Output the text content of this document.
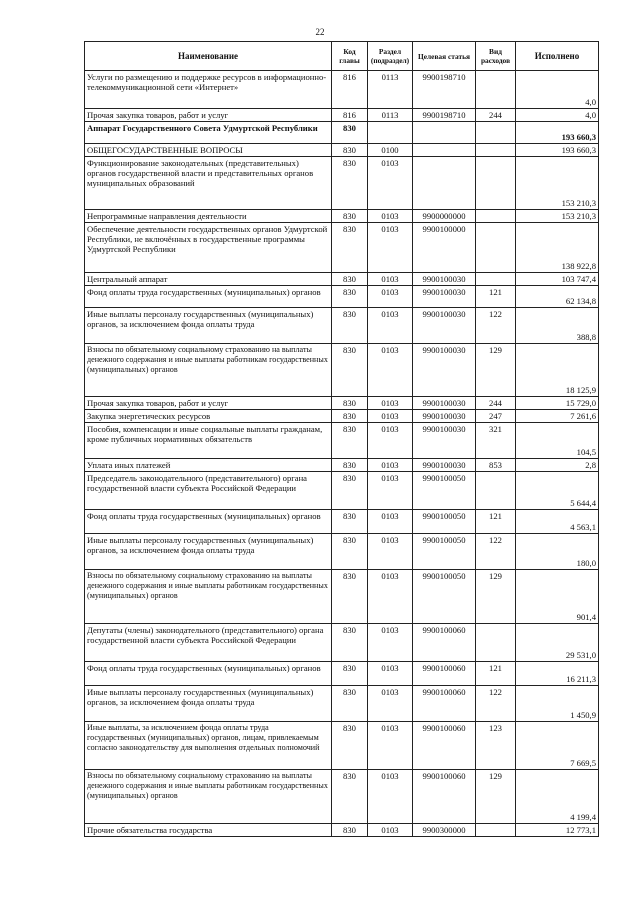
22
Наименование	Код главы	Раздел (подраздел)	Целевая статья	Вид расходов	Исполнено
Услуги по размещению и поддержке ресурсов в информационно-телекоммуникационной сети «Интернет»	816	0113	9900198710		4,0
Прочая закупка товаров, работ и услуг	816	0113	9900198710	244	4,0
Аппарат Государственного Совета Удмуртской Республики	830				193 660,3
ОБЩЕГОСУДАРСТВЕННЫЕ ВОПРОСЫ	830	0100			193 660,3
Функционирование законодательных (представительных) органов государственной власти и представительных органов муниципальных образований	830	0103			153 210,3
Непрограммные направления деятельности	830	0103	9900000000		153 210,3
Обеспечение деятельности государственных органов Удмуртской Республики, не включённых в государственные программы Удмуртской Республики	830	0103	9900100000		138 922,8
Центральный аппарат	830	0103	9900100030		103 747,4
Фонд оплаты труда государственных (муниципальных) органов	830	0103	9900100030	121	62 134,8
Иные выплаты персоналу государственных (муниципальных) органов, за исключением фонда оплаты труда	830	0103	9900100030	122	388,8
Взносы по обязательному социальному страхованию на выплаты денежного содержания и иные выплаты работникам государственных (муниципальных) органов	830	0103	9900100030	129	18 125,9
Прочая закупка товаров, работ и услуг	830	0103	9900100030	244	15 729,0
Закупка энергетических ресурсов	830	0103	9900100030	247	7 261,6
Пособия, компенсации и иные социальные выплаты гражданам, кроме публичных нормативных обязательств	830	0103	9900100030	321	104,5
Уплата иных платежей	830	0103	9900100030	853	2,8
Председатель законодательного (представительного) органа государственной власти субъекта Российской Федерации	830	0103	9900100050		5 644,4
Фонд оплаты труда государственных (муниципальных) органов	830	0103	9900100050	121	4 563,1
Иные выплаты персоналу государственных (муниципальных) органов, за исключением фонда оплаты труда	830	0103	9900100050	122	180,0
Взносы по обязательному социальному страхованию на выплаты денежного содержания и иные выплаты работникам государственных (муниципальных) органов	830	0103	9900100050	129	901,4
Депутаты (члены) законодательного (представительного) органа государственной власти субъекта Российской Федерации	830	0103	9900100060		29 531,0
Фонд оплаты труда государственных (муниципальных) органов	830	0103	9900100060	121	16 211,3
Иные выплаты персоналу государственных (муниципальных) органов, за исключением фонда оплаты труда	830	0103	9900100060	122	1 450,9
Иные выплаты, за исключением фонда оплаты труда государственных (муниципальных) органов, лицам, привлекаемым согласно законодательству для выполнения отдельных полномочий	830	0103	9900100060	123	7 669,5
Взносы по обязательному социальному страхованию на выплаты денежного содержания и иные выплаты работникам государственных (муниципальных) органов	830	0103	9900100060	129	4 199,4
Прочие обязательства государства	830	0103	9900300000		12 773,1
